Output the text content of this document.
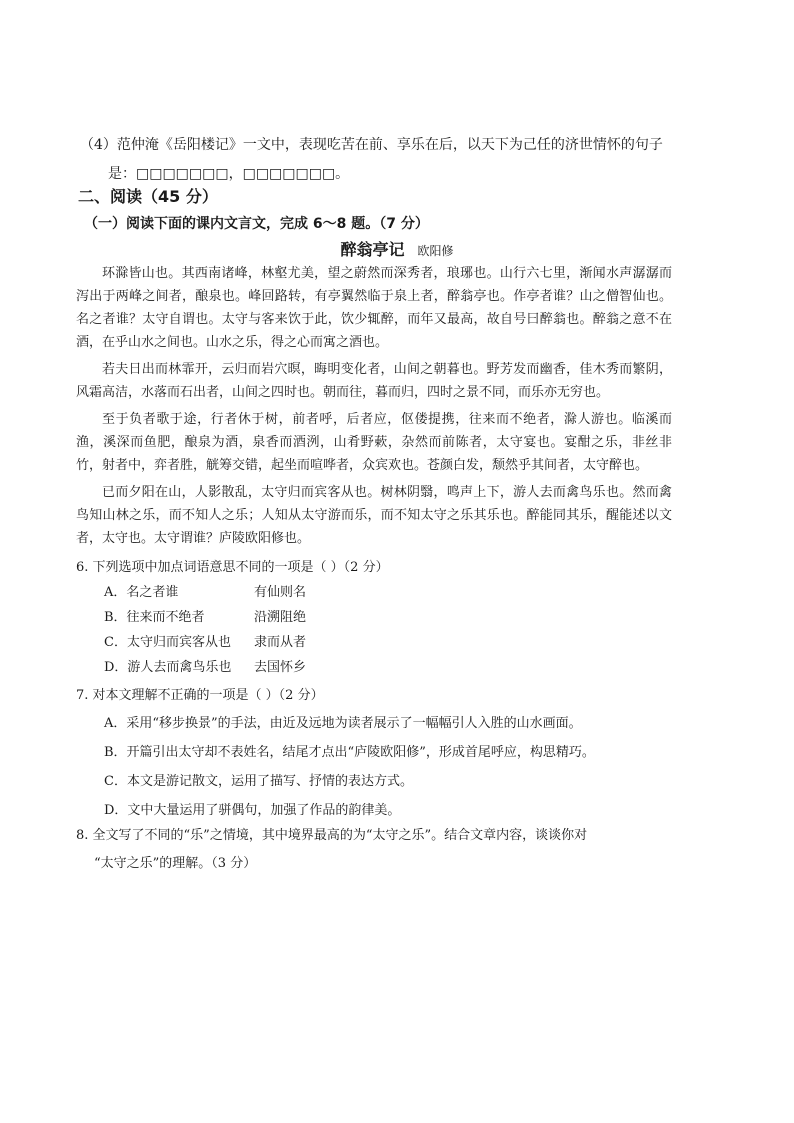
（4）范仲淹《岳阳楼记》一文中，表现吃苦在前、享乐在后，以天下为己任的济世情怀的句子
是：□□□□□□□，□□□□□□□。
二、阅读（45 分）
（一）阅读下面的课内文言文，完成 6～8 题。（7 分）
醉翁亭记 欧阳修

环滁皆山也。其西南诸峰，林壑尤美，望之蔚然而深秀者，琅琊也。山行六七里，渐闻水声潺潺而泻出于两峰之间者，酿泉也。峰回路转，有亭翼然临于泉上者，醉翁亭也。作亭者谁？山之僧智仙也。名之者谁？太守自谓也。太守与客来饮于此，饮少辄醉，而年又最高，故自号曰醉翁也。醉翁之意不在酒，在乎山水之间也。山水之乐，得之心而寓之酒也。

若夫日出而林霏开，云归而岩穴暝，晦明变化者，山间之朝暮也。野芳发而幽香，佳木秀而繁阴，风霜高洁，水落而石出者，山间之四时也。朝而往，暮而归，四时之景不同，而乐亦无穷也。

至于负者歌于途，行者休于树，前者呼，后者应，伛偻提携，往来而不绝者，滁人游也。临溪而渔，溪深而鱼肥，酿泉为酒，泉香而酒洌，山肴野蔌，杂然而前陈者，太守宴也。宴酣之乐，非丝非竹，射者中，弈者胜，觥筹交错，起坐而喧哗者，众宾欢也。苍颜白发，颓然乎其间者，太守醉也。

已而夕阳在山，人影散乱，太守归而宾客从也。树林阴翳，鸣声上下，游人去而禽鸟乐也。然而禽鸟知山林之乐，而不知人之乐；人知从太守游而乐，而不知太守之乐其乐也。醉能同其乐，醒能述以文者，太守也。太守谓谁？庐陵欧阳修也。

6. 下列选项中加点词语意思不同的一项是（ ）（2 分）
A．名之者谁	有仙则名
B．往来而不绝者	沿溯阻绝
C．太守归而宾客从也 隶而从者
D．游人去而禽鸟乐也 去国怀乡
7. 对本文理解不正确的一项是（ ）（2 分）
A．采用“移步换景”的手法，由近及远地为读者展示了一幅幅引人入胜的山水画面。
B．开篇引出太守却不表姓名，结尾才点出“庐陵欧阳修”，形成首尾呼应，构思精巧。
C．本文是游记散文，运用了描写、抒情的表达方式。
D．文中大量运用了骈偶句，加强了作品的韵律美。
8. 全文写了不同的“乐”之情境，其中境界最高的为“太守之乐”。结合文章内容，谈谈你对
“太守之乐”的理解。（3 分）
